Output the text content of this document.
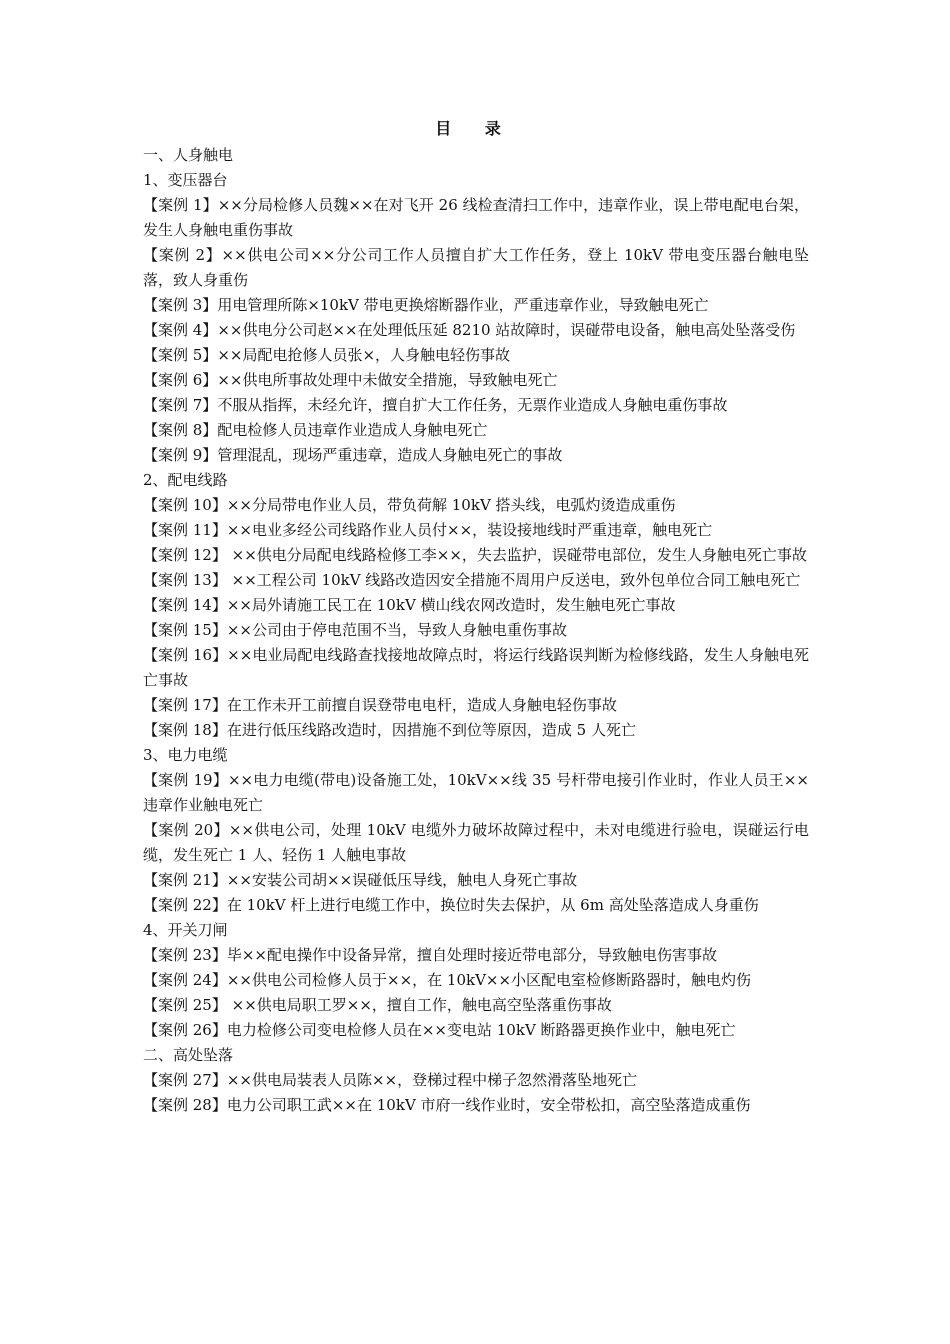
目 录

一、人身触电

1、变压器台

【案例 1】××分局检修人员魏××在对飞开 26 线检查清扫工作中，违章作业，误上带电配电台架，发生人身触电重伤事故

【案例 2】××供电公司××分公司工作人员擅自扩大工作任务，登上 10kV 带电变压器台触电坠落，致人身重伤

【案例 3】用电管理所陈×10kV 带电更换熔断器作业，严重违章作业，导致触电死亡

【案例 4】××供电分公司赵××在处理低压延 8210 站故障时，误碰带电设备，触电高处坠落受伤

【案例 5】××局配电抢修人员张×，人身触电轻伤事故

【案例 6】××供电所事故处理中未做安全措施，导致触电死亡

【案例 7】不服从指挥，未经允许，擅自扩大工作任务，无票作业造成人身触电重伤事故

【案例 8】配电检修人员违章作业造成人身触电死亡

【案例 9】管理混乱，现场严重违章，造成人身触电死亡的事故

2、配电线路

【案例 10】××分局带电作业人员，带负荷解 10kV 搭头线，电弧灼烫造成重伤

【案例 11】××电业多经公司线路作业人员付××，装设接地线时严重违章，触电死亡

【案例 12】 ××供电分局配电线路检修工李××，失去监护，误碰带电部位，发生人身触电死亡事故

【案例 13】 ××工程公司 10kV 线路改造因安全措施不周用户反送电，致外包单位合同工触电死亡

【案例 14】××局外请施工民工在 10kV 横山线农网改造时，发生触电死亡事故

【案例 15】××公司由于停电范围不当，导致人身触电重伤事故

【案例 16】××电业局配电线路查找接地故障点时，将运行线路误判断为检修线路，发生人身触电死亡事故

【案例 17】在工作未开工前擅自误登带电电杆，造成人身触电轻伤事故

【案例 18】在进行低压线路改造时，因措施不到位等原因，造成 5 人死亡

3、电力电缆

【案例 19】××电力电缆(带电)设备施工处，10kV××线 35 号杆带电接引作业时，作业人员王××违章作业触电死亡

【案例 20】××供电公司，处理 10kV 电缆外力破坏故障过程中，未对电缆进行验电，误碰运行电缆，发生死亡 1 人、轻伤 1 人触电事故

【案例 21】××安装公司胡××误碰低压导线，触电人身死亡事故

【案例 22】在 10kV 杆上进行电缆工作中，换位时失去保护，从 6m 高处坠落造成人身重伤

4、开关刀闸

【案例 23】毕××配电操作中设备异常，擅自处理时接近带电部分，导致触电伤害事故

【案例 24】××供电公司检修人员于××，在 10kV××小区配电室检修断路器时，触电灼伤

【案例 25】 ××供电局职工罗××，擅自工作，触电高空坠落重伤事故

【案例 26】电力检修公司变电检修人员在××变电站 10kV 断路器更换作业中，触电死亡

二、高处坠落

【案例 27】××供电局装表人员陈××，登梯过程中梯子忽然滑落坠地死亡

【案例 28】电力公司职工武××在 10kV 市府一线作业时，安全带松扣，高空坠落造成重伤
